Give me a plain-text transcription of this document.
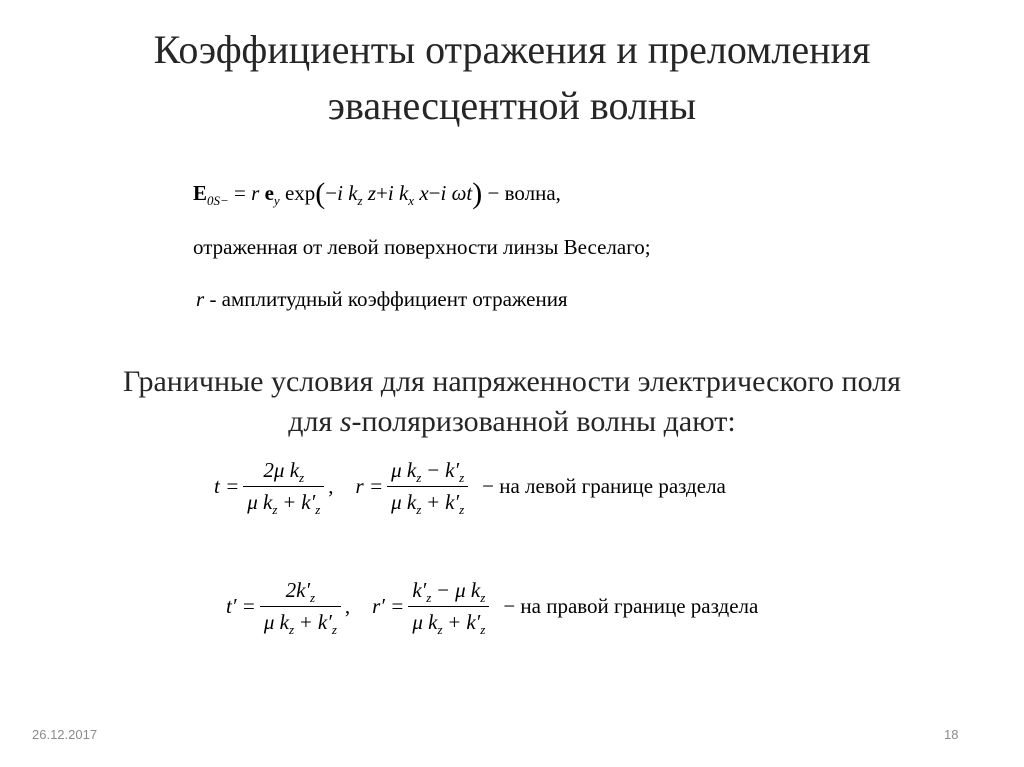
Коэффициенты отражения и преломления
эванесцентной волны
$E_{0S-} = r$ $e_y$ exp(−i $k_z$ z+i $k_x$ x−i ωt) − волна,
отраженная от левой поверхности линзы Веселаго;
r - амплитудный коэффициент отражения
Граничные условия для напряженности электрического поля
для s-поляризованной волны дают:
$t = \frac{2\mu k_z}{\mu k_z + k'_z}$ , $r = \frac{\mu k_z - k'_z}{\mu k_z + k'_z}$ − на левой границе раздела
$t' = \frac{2k'_z}{\mu k_z + k'_z}$ , $r' = \frac{k'_z - \mu k_z}{\mu k_z + k'_z}$ − на правой границе раздела
26.12.2017	18
